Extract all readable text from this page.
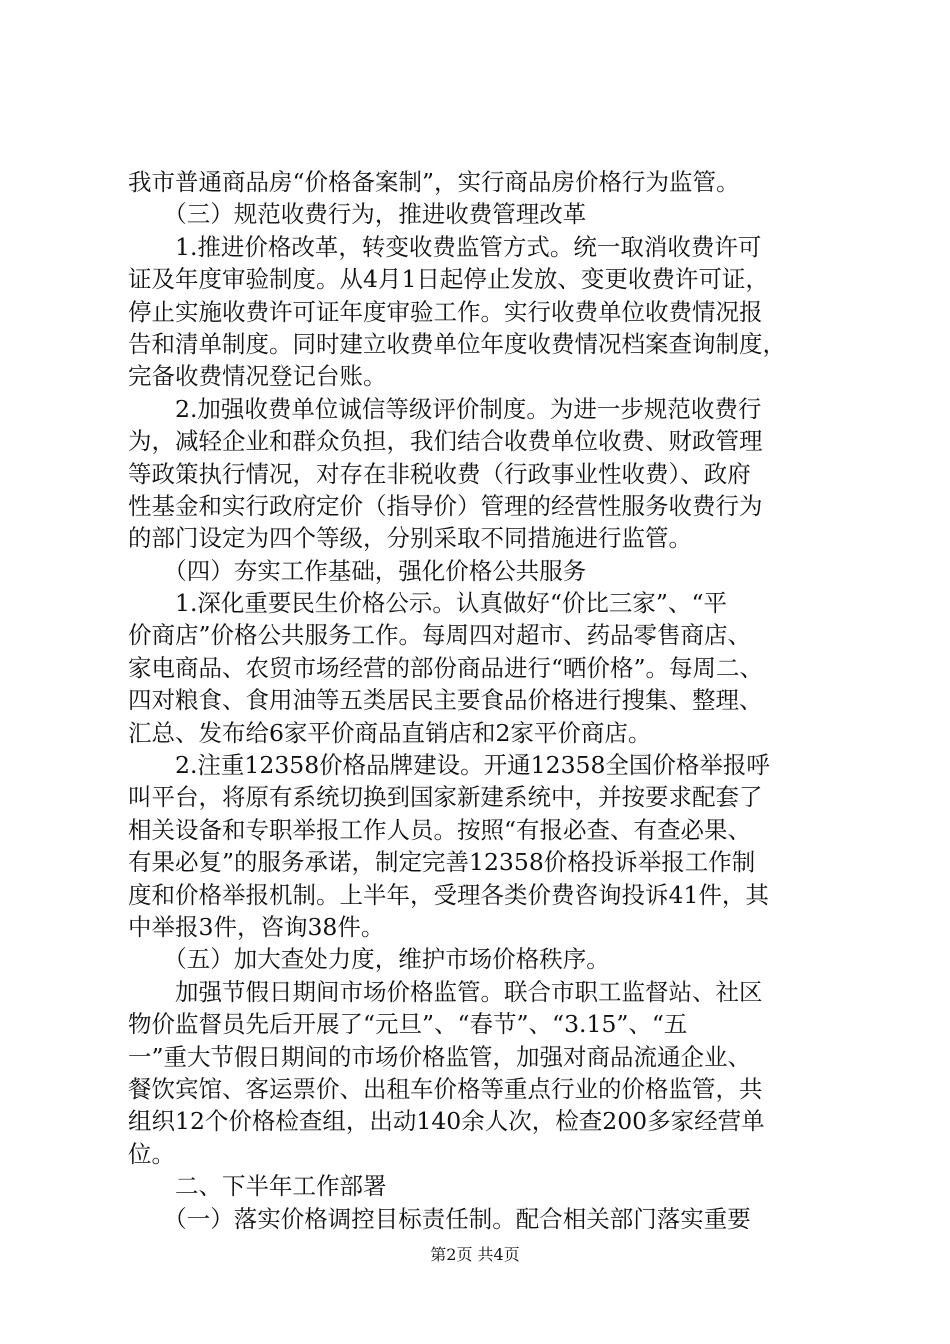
我市普通商品房“价格备案制”，实行商品房价格行为监管。
　　（三）规范收费行为，推进收费管理改革
　　1.推进价格改革，转变收费监管方式。统一取消收费许可
证及年度审验制度。从4月1日起停止发放、变更收费许可证，
停止实施收费许可证年度审验工作。实行收费单位收费情况报
告和清单制度。同时建立收费单位年度收费情况档案查询制度，
完备收费情况登记台账。
　　2.加强收费单位诚信等级评价制度。为进一步规范收费行
为，减轻企业和群众负担，我们结合收费单位收费、财政管理
等政策执行情况，对存在非税收费（行政事业性收费）、政府
性基金和实行政府定价（指导价）管理的经营性服务收费行为
的部门设定为四个等级，分别采取不同措施进行监管。
　　（四）夯实工作基础，强化价格公共服务
　　1.深化重要民生价格公示。认真做好“价比三家”、“平
价商店”价格公共服务工作。每周四对超市、药品零售商店、
家电商品、农贸市场经营的部份商品进行“晒价格”。每周二、
四对粮食、食用油等五类居民主要食品价格进行搜集、整理、
汇总、发布给6家平价商品直销店和2家平价商店。
　　2.注重12358价格品牌建设。开通12358全国价格举报呼
叫平台，将原有系统切换到国家新建系统中，并按要求配套了
相关设备和专职举报工作人员。按照“有报必查、有查必果、
有果必复”的服务承诺，制定完善12358价格投诉举报工作制
度和价格举报机制。上半年，受理各类价费咨询投诉41件，其
中举报3件，咨询38件。
　　（五）加大查处力度，维护市场价格秩序。
　　加强节假日期间市场价格监管。联合市职工监督站、社区
物价监督员先后开展了“元旦”、“春节”、“3.15”、“五
一”重大节假日期间的市场价格监管，加强对商品流通企业、
餐饮宾馆、客运票价、出租车价格等重点行业的价格监管，共
组织12个价格检查组，出动140余人次，检查200多家经营单
位。
　　二、下半年工作部署
　　（一）落实价格调控目标责任制。配合相关部门落实重要
第2页 共4页
